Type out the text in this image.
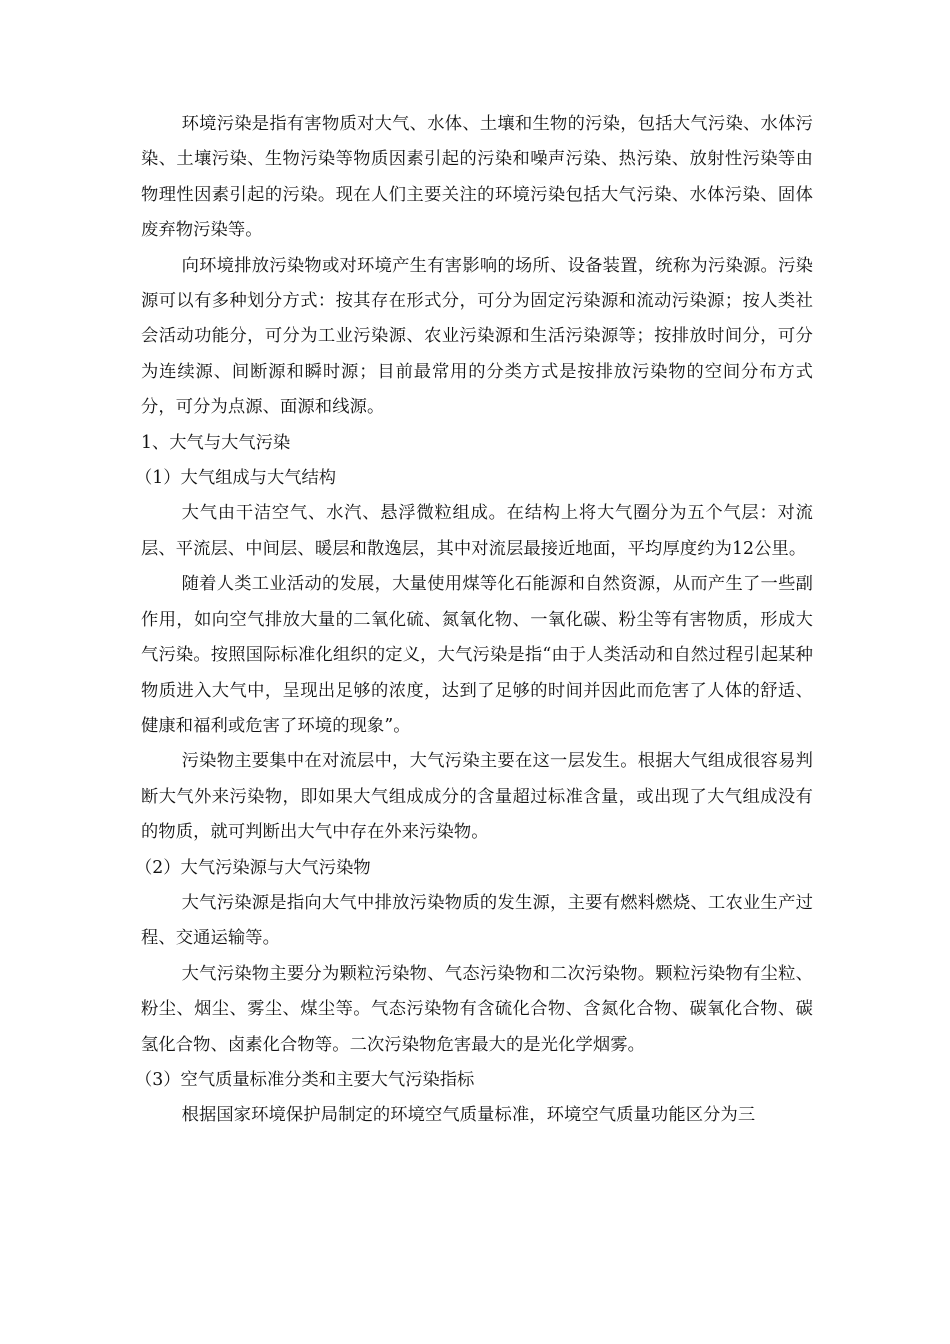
环境污染是指有害物质对大气、水体、土壤和生物的污染，包括大气污染、水体污染、土壤污染、生物污染等物质因素引起的污染和噪声污染、热污染、放射性污染等由物理性因素引起的污染。现在人们主要关注的环境污染包括大气污染、水体污染、固体废弃物污染等。

向环境排放污染物或对环境产生有害影响的场所、设备装置，统称为污染源。污染源可以有多种划分方式：按其存在形式分，可分为固定污染源和流动污染源；按人类社会活动功能分，可分为工业污染源、农业污染源和生活污染源等；按排放时间分，可分为连续源、间断源和瞬时源；目前最常用的分类方式是按排放污染物的空间分布方式分，可分为点源、面源和线源。

1、大气与大气污染

（1）大气组成与大气结构

大气由干洁空气、水汽、悬浮微粒组成。在结构上将大气圈分为五个气层：对流层、平流层、中间层、暖层和散逸层，其中对流层最接近地面，平均厚度约为12公里。

随着人类工业活动的发展，大量使用煤等化石能源和自然资源，从而产生了一些副作用，如向空气排放大量的二氧化硫、氮氧化物、一氧化碳、粉尘等有害物质，形成大气污染。按照国际标准化组织的定义，大气污染是指“由于人类活动和自然过程引起某种物质进入大气中，呈现出足够的浓度，达到了足够的时间并因此而危害了人体的舒适、健康和福利或危害了环境的现象”。

污染物主要集中在对流层中，大气污染主要在这一层发生。根据大气组成很容易判断大气外来污染物，即如果大气组成成分的含量超过标准含量，或出现了大气组成没有的物质，就可判断出大气中存在外来污染物。

（2）大气污染源与大气污染物

大气污染源是指向大气中排放污染物质的发生源，主要有燃料燃烧、工农业生产过程、交通运输等。

大气污染物主要分为颗粒污染物、气态污染物和二次污染物。颗粒污染物有尘粒、粉尘、烟尘、雾尘、煤尘等。气态污染物有含硫化合物、含氮化合物、碳氧化合物、碳氢化合物、卤素化合物等。二次污染物危害最大的是光化学烟雾。

（3）空气质量标准分类和主要大气污染指标

根据国家环境保护局制定的环境空气质量标准，环境空气质量功能区分为三
